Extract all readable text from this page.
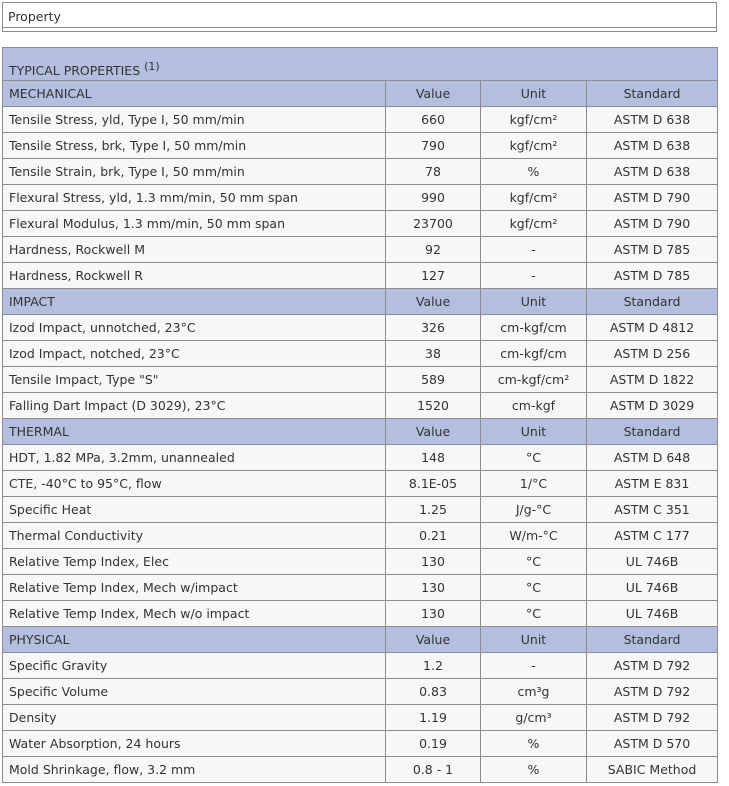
Property
TYPICAL PROPERTIES $^{(1)}$
MECHANICAL	Value	Unit	Standard
Tensile Stress, yld, Type I, 50 mm/min	660	kgf/cm²	ASTM D 638
Tensile Stress, brk, Type I, 50 mm/min	790	kgf/cm²	ASTM D 638
Tensile Strain, brk, Type I, 50 mm/min	78	%	ASTM D 638
Flexural Stress, yld, 1.3 mm/min, 50 mm span	990	kgf/cm²	ASTM D 790
Flexural Modulus, 1.3 mm/min, 50 mm span	23700	kgf/cm²	ASTM D 790
Hardness, Rockwell M	92	-	ASTM D 785
Hardness, Rockwell R	127	-	ASTM D 785
IMPACT	Value	Unit	Standard
Izod Impact, unnotched, 23°C	326	cm-kgf/cm	ASTM D 4812
Izod Impact, notched, 23°C	38	cm-kgf/cm	ASTM D 256
Tensile Impact, Type "S"	589	cm-kgf/cm²	ASTM D 1822
Falling Dart Impact (D 3029), 23°C	1520	cm-kgf	ASTM D 3029
THERMAL	Value	Unit	Standard
HDT, 1.82 MPa, 3.2mm, unannealed	148	°C	ASTM D 648
CTE, -40°C to 95°C, flow	8.1E-05	1/°C	ASTM E 831
Specific Heat	1.25	J/g-°C	ASTM C 351
Thermal Conductivity	0.21	W/m-°C	ASTM C 177
Relative Temp Index, Elec	130	°C	UL 746B
Relative Temp Index, Mech w/impact	130	°C	UL 746B
Relative Temp Index, Mech w/o impact	130	°C	UL 746B
PHYSICAL	Value	Unit	Standard
Specific Gravity	1.2	-	ASTM D 792
Specific Volume	0.83	cm³g	ASTM D 792
Density	1.19	g/cm³	ASTM D 792
Water Absorption, 24 hours	0.19	%	ASTM D 570
Mold Shrinkage, flow, 3.2 mm	0.8 - 1	%	SABIC Method
